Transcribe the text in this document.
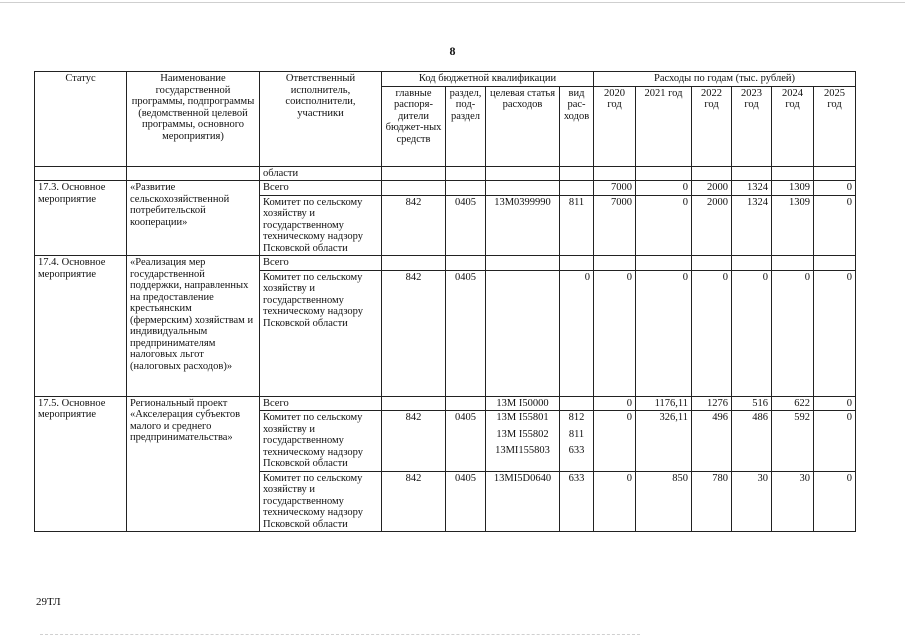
8
Статус	Наименование государственной программы, подпрограммы (ведомственной целевой программы, основного мероприятия)	Ответственный исполнитель, соисполнители, участники	Код бюджетной квалификации				Расходы по годам (тыс. рублей)					
			главные распоря-дители бюджет-ных средств	раздел, под-раздел	целевая статья расходов	вид рас-ходов	2020 год	2021 год	2022 год	2023 год	2024 год	2025 год
		области										
17.3. Основное мероприятие	«Развитие сельскохозяйственной потребительской кооперации»	Всего					7000	0	2000	1324	1309	0
		Комитет по сельскому хозяйству и государственному техническому надзору Псковской области	842	0405	13М0399990	811	7000	0	2000	1324	1309	0
17.4. Основное мероприятие	«Реализация мер государственной поддержки, направленных на предоставление крестьянским (фермерским) хозяйствам и индивидуальным предпринимателям налоговых льгот (налоговых расходов)»	Всего										
		Комитет по сельскому хозяйству и государственному техническому надзору Псковской области	842	0405		0	0	0	0	0	0	0
17.5. Основное мероприятие	Региональный проект «Акселерация субъектов малого и среднего предпринимательства»	Всего			13М I50000		0	1176,11	1276	516	622	0
		Комитет по сельскому хозяйству и государственному техническому надзору Псковской области	842	0405	13М I55801
13М I55802
13МI155803	812
811
633	0	326,11	496	486	592	0
		Комитет по сельскому хозяйству и государственному техническому надзору Псковской области	842	0405	13МI5D0640	633	0	850	780	30	30	0
29ТЛ
